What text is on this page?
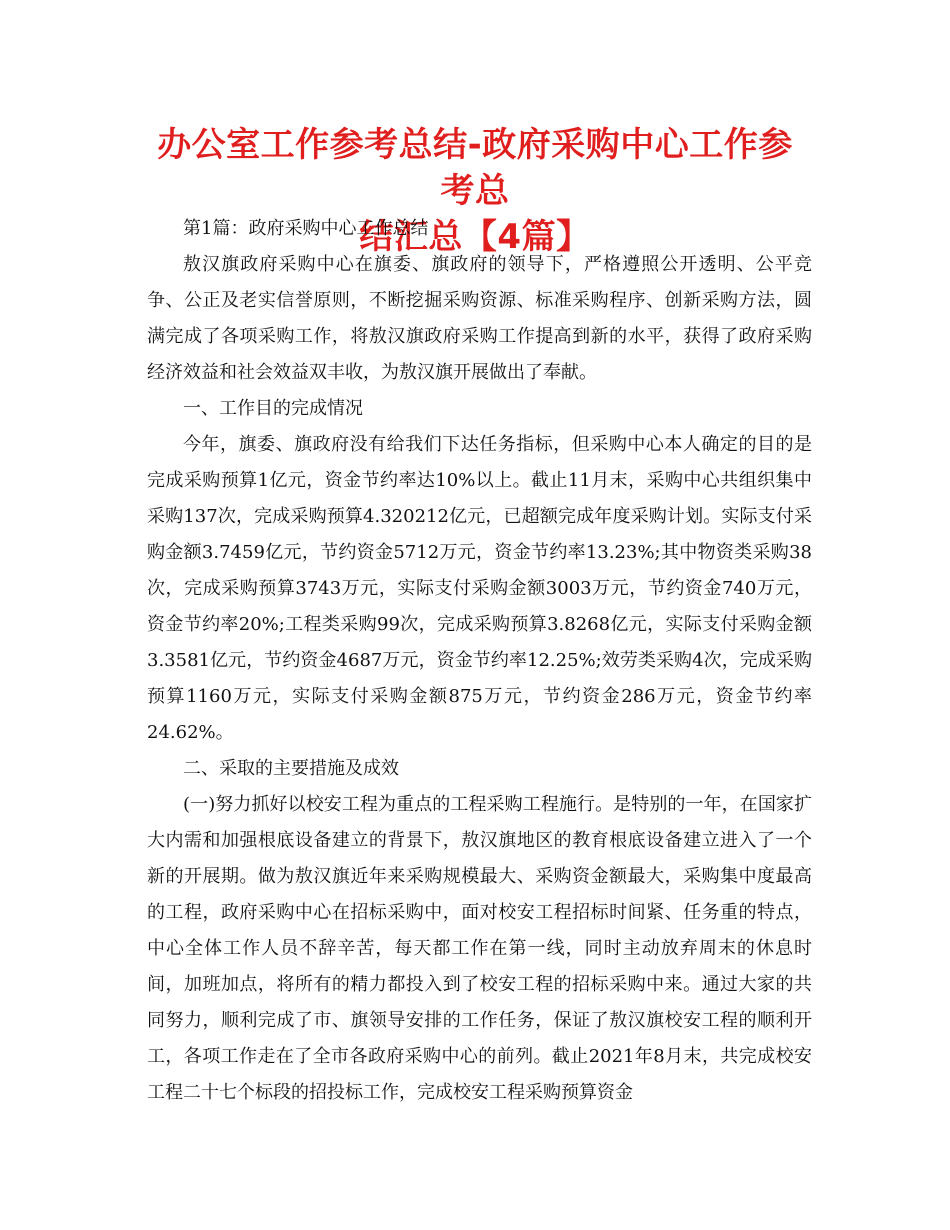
办公室工作参考总结-政府采购中心工作参考总
结汇总【4篇】

第1篇：政府采购中心工作总结

敖汉旗政府采购中心在旗委、旗政府的领导下，严格遵照公开透明、公平竞争、公正及老实信誉原则，不断挖掘采购资源、标准采购程序、创新采购方法，圆满完成了各项采购工作，将敖汉旗政府采购工作提高到新的水平，获得了政府采购经济效益和社会效益双丰收，为敖汉旗开展做出了奉献。

一、工作目的完成情况

今年，旗委、旗政府没有给我们下达任务指标，但采购中心本人确定的目的是完成采购预算1亿元，资金节约率达10%以上。截止11月末，采购中心共组织集中采购137次，完成采购预算4.320212亿元，已超额完成年度采购计划。实际支付采购金额3.7459亿元，节约资金5712万元，资金节约率13.23%;其中物资类采购38次，完成采购预算3743万元，实际支付采购金额3003万元，节约资金740万元，资金节约率20%;工程类采购99次，完成采购预算3.8268亿元，实际支付采购金额3.3581亿元，节约资金4687万元，资金节约率12.25%;效劳类采购4次，完成采购预算1160万元，实际支付采购金额875万元，节约资金286万元，资金节约率24.62%。

二、采取的主要措施及成效

(一)努力抓好以校安工程为重点的工程采购工程施行。是特别的一年，在国家扩大内需和加强根底设备建立的背景下，敖汉旗地区的教育根底设备建立进入了一个新的开展期。做为敖汉旗近年来采购规模最大、采购资金额最大，采购集中度最高的工程，政府采购中心在招标采购中，面对校安工程招标时间紧、任务重的特点，中心全体工作人员不辞辛苦，每天都工作在第一线，同时主动放弃周末的休息时间，加班加点，将所有的精力都投入到了校安工程的招标采购中来。通过大家的共同努力，顺利完成了市、旗领导安排的工作任务，保证了敖汉旗校安工程的顺利开工，各项工作走在了全市各政府采购中心的前列。截止2021年8月末，共完成校安工程二十七个标段的招投标工作，完成校安工程采购预算资金
